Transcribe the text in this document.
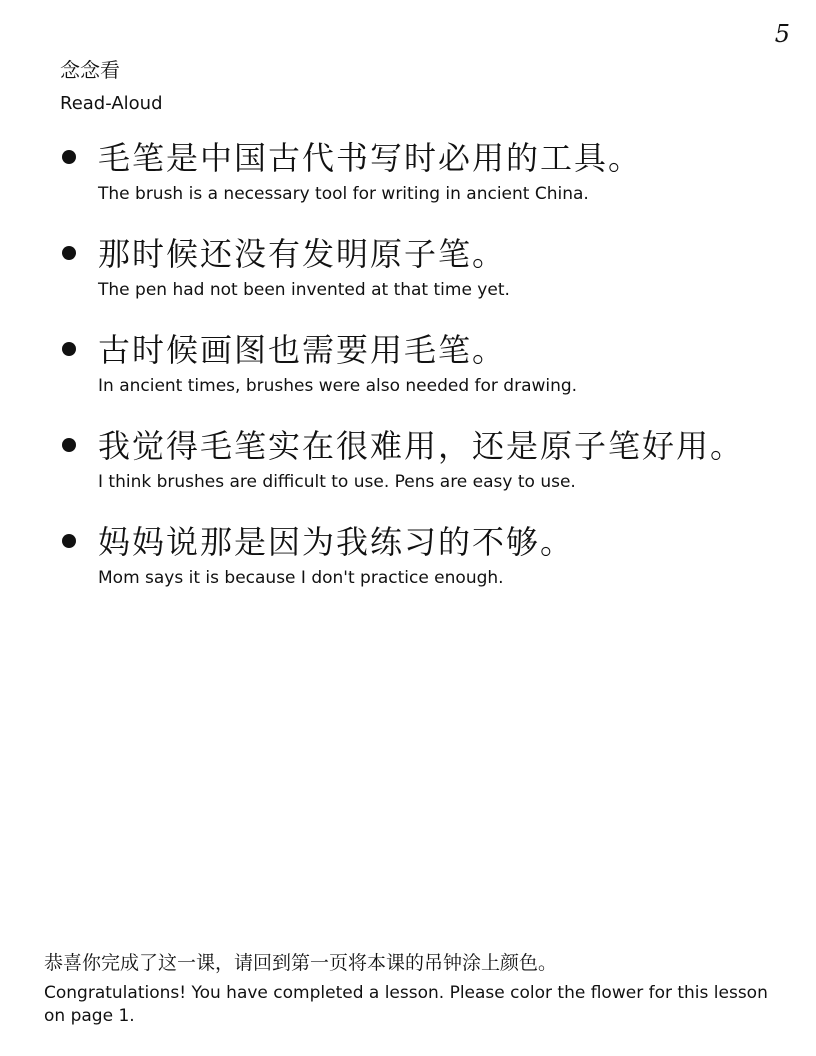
5
念念看
Read-Aloud
毛笔是中国古代书写时必用的工具。
The brush is a necessary tool for writing in ancient China.
那时候还没有发明原子笔。
The pen had not been invented at that time yet.
古时候画图也需要用毛笔。
In ancient times, brushes were also needed for drawing.
我觉得毛笔实在很难用，还是原子笔好用。
I think brushes are difficult to use. Pens are easy to use.
妈妈说那是因为我练习的不够。
Mom says it is because I don't practice enough.
恭喜你完成了这一课，请回到第一页将本课的吊钟涂上颜色。
Congratulations! You have completed a lesson. Please color the flower for this lesson on page 1.
